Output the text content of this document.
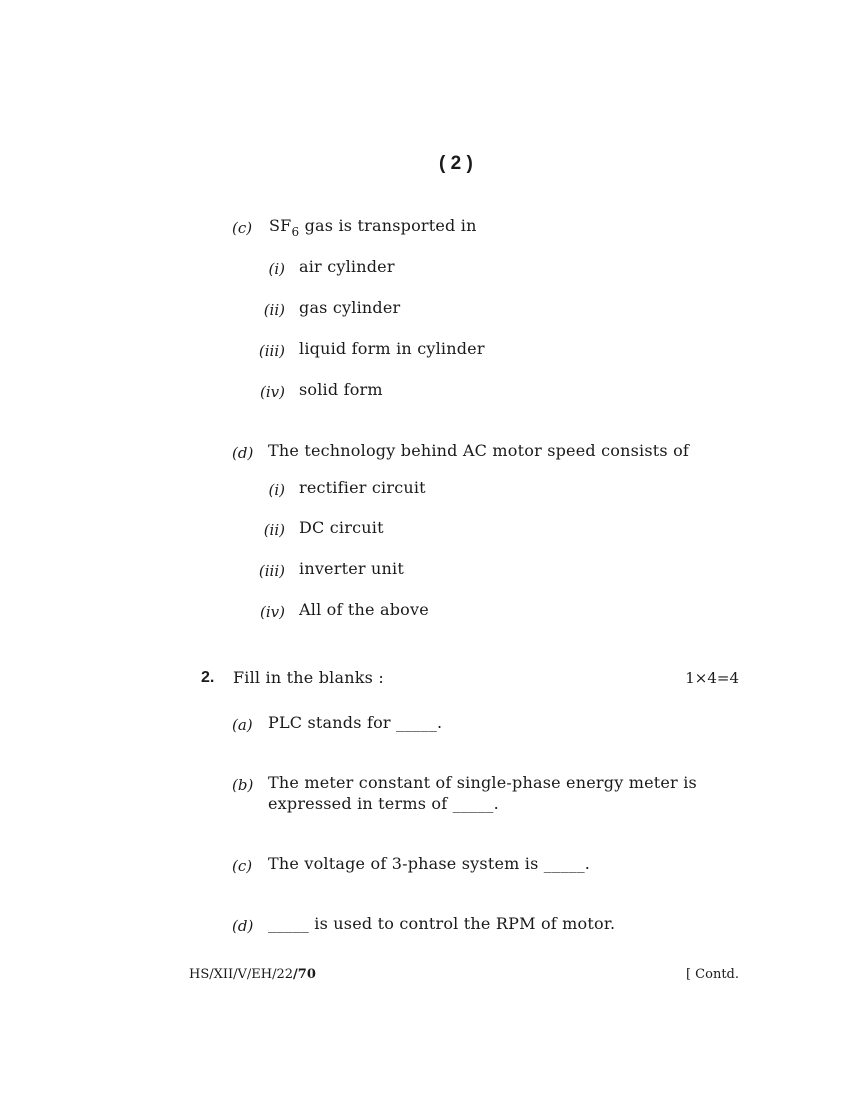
( 2 )
(c) $SF_6$ gas is transported in
(i) air cylinder
(ii) gas cylinder
(iii) liquid form in cylinder
(iv) solid form
(d) The technology behind AC motor speed consists of
(i) rectifier circuit
(ii) DC circuit
(iii) inverter unit
(iv) All of the above
2. Fill in the blanks :	1×4=4
(a) PLC stands for _____.
(b) The meter constant of single-phase energy meter is
expressed in terms of _____.
(c) The voltage of 3-phase system is _____.
(d) _____ is used to control the RPM of motor.
HS/XII/V/EH/22/70	[ Contd.
